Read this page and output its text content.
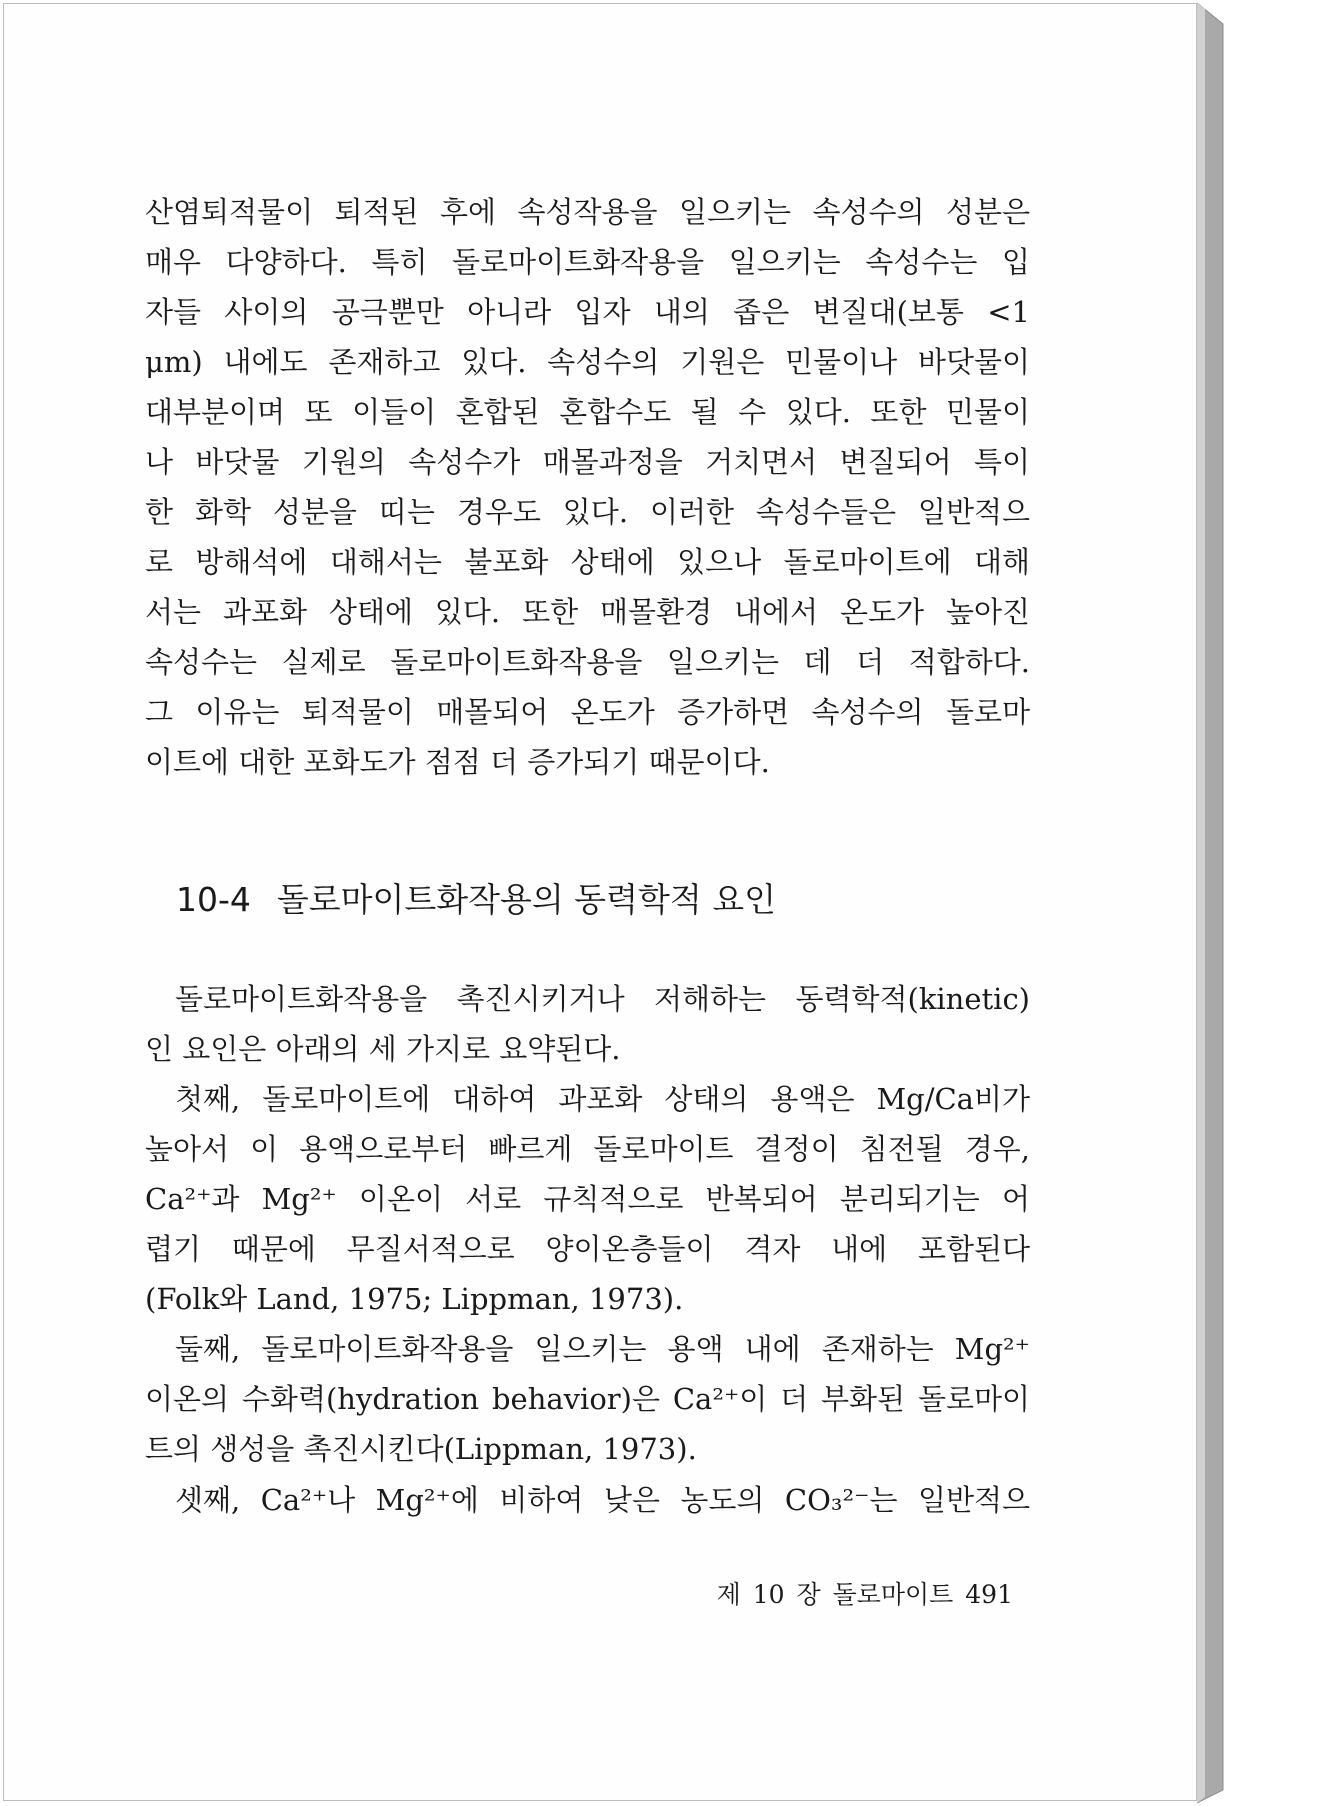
산염퇴적물이 퇴적된 후에 속성작용을 일으키는 속성수의 성분은
매우 다양하다. 특히 돌로마이트화작용을 일으키는 속성수는 입
자들 사이의 공극뿐만 아니라 입자 내의 좁은 변질대(보통 <1
μm) 내에도 존재하고 있다. 속성수의 기원은 민물이나 바닷물이
대부분이며 또 이들이 혼합된 혼합수도 될 수 있다. 또한 민물이
나 바닷물 기원의 속성수가 매몰과정을 거치면서 변질되어 특이
한 화학 성분을 띠는 경우도 있다. 이러한 속성수들은 일반적으
로 방해석에 대해서는 불포화 상태에 있으나 돌로마이트에 대해
서는 과포화 상태에 있다. 또한 매몰환경 내에서 온도가 높아진
속성수는 실제로 돌로마이트화작용을 일으키는 데 더 적합하다.
그 이유는 퇴적물이 매몰되어 온도가 증가하면 속성수의 돌로마
이트에 대한 포화도가 점점 더 증가되기 때문이다.
10-4 돌로마이트화작용의 동력학적 요인
돌로마이트화작용을 촉진시키거나 저해하는 동력학적(kinetic)
인 요인은 아래의 세 가지로 요약된다.
첫째, 돌로마이트에 대하여 과포화 상태의 용액은 Mg/Ca비가
높아서 이 용액으로부터 빠르게 돌로마이트 결정이 침전될 경우,
Ca²⁺과 Mg²⁺ 이온이 서로 규칙적으로 반복되어 분리되기는 어
렵기 때문에 무질서적으로 양이온층들이 격자 내에 포함된다
(Folk와 Land, 1975; Lippman, 1973).
둘째, 돌로마이트화작용을 일으키는 용액 내에 존재하는 Mg²⁺
이온의 수화력(hydration behavior)은 Ca²⁺이 더 부화된 돌로마이
트의 생성을 촉진시킨다(Lippman, 1973).
셋째, Ca²⁺나 Mg²⁺에 비하여 낮은 농도의 CO₃²⁻는 일반적으
제 10 장 돌로마이트 491
